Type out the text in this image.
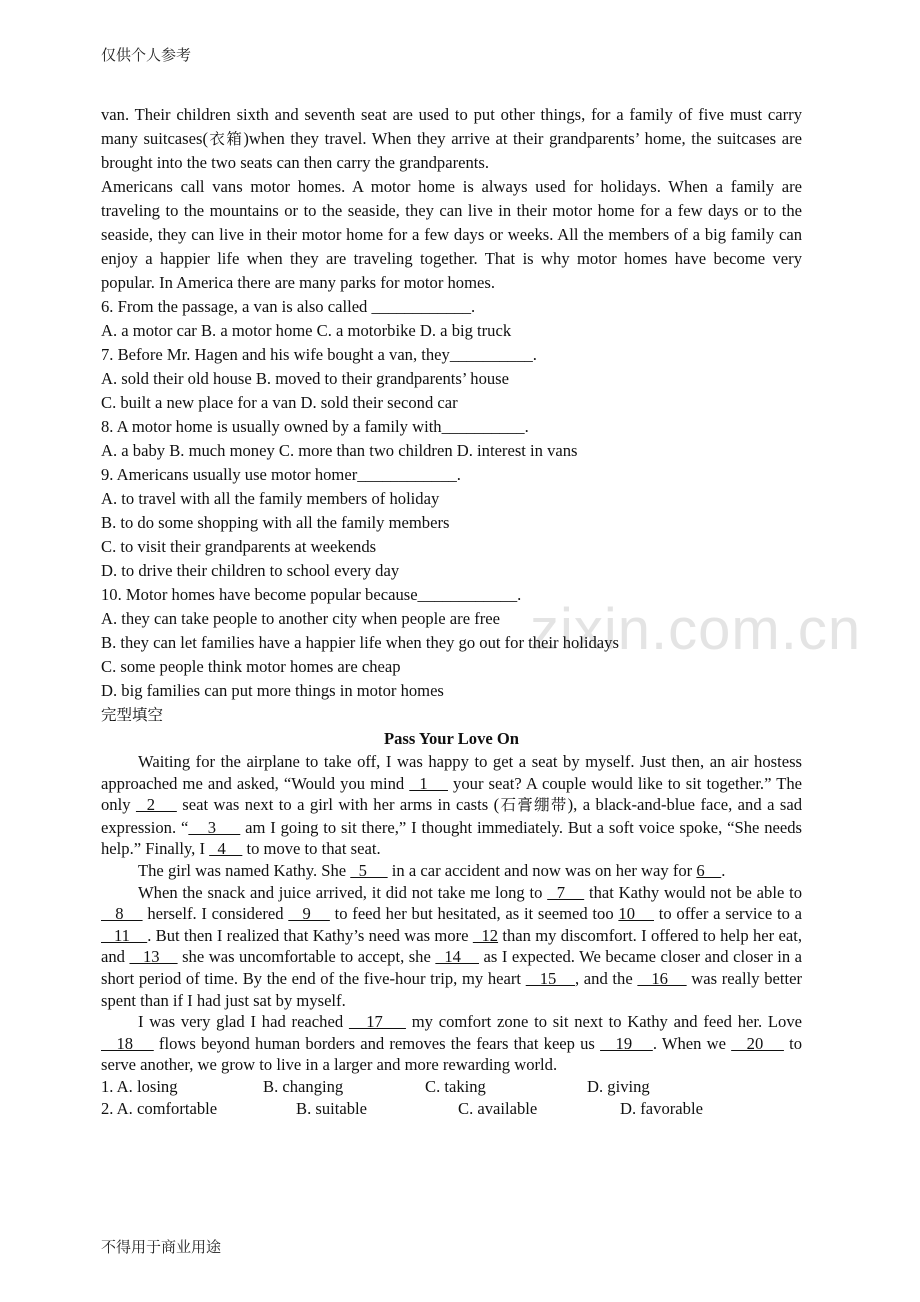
仅供个人参考
zixin.com.cn

van. Their children sixth and seventh seat are used to put other things, for a family of five must carry many suitcases(衣箱)when they travel. When they arrive at their grandparents’ home, the suitcases are brought into the two seats can then carry the grandparents.

Americans call vans motor homes. A motor home is always used for holidays. When a family are traveling to the mountains or to the seaside, they can live in their motor home for a few days or to the seaside, they can live in their motor home for a few days or weeks. All the members of a big family can enjoy a happier life when they are traveling together. That is why motor homes have become very popular. In America there are many parks for motor homes.

6. From the passage, a van is also called ____________.

A. a motor car B. a motor home C. a motorbike D. a big truck

7. Before Mr. Hagen and his wife bought a van, they__________.

A. sold their old house B. moved to their grandparents’ house

C. built a new place for a van D. sold their second car

8. A motor home is usually owned by a family with__________.

A. a baby B. much money C. more than two children D. interest in vans

9. Americans usually use motor homer____________.

A. to travel with all the family members of holiday

B. to do some shopping with all the family members

C. to visit their grandparents at weekends

D. to drive their children to school every day

10. Motor homes have become popular because____________.

A. they can take people to another city when people are free

B. they can let families have a happier life when they go out for their holidays

C. some people think motor homes are cheap

D. big families can put more things in motor homes

完型填空

Pass Your Love On

Waiting for the airplane to take off, I was happy to get a seat by myself. Just then, an air hostess approached me and asked, “Would you mind   1     your seat? A couple would like to sit together.” The only   2     seat was next to a girl with her arms in casts (石膏绷带), a black-and-blue face, and a sad expression. “    3      am I going to sit there,” I thought immediately. But a soft voice spoke, “She needs help.” Finally, I   4     to move to that seat.

The girl was named Kathy. She   5      in a car accident and now was on her way for 6    .

When the snack and juice arrived, it did not take me long to   7     that Kathy would not be able to    8     herself. I considered    9     to feed her but hesitated, as it seemed too 10     to offer a service to a    11    . But then I realized that Kathy’s need was more   12 than my discomfort. I offered to help her eat, and    13     she was uncomfortable to accept, she   14     as I expected. We became closer and closer in a short period of time. By the end of the five-hour trip, my heart    15    , and the    16     was really better spent than if I had just sat by myself.

I was very glad I had reached    17     my comfort zone to sit next to Kathy and feed her. Love    18     flows beyond human borders and removes the fears that keep us    19    . When we    20     to serve another, we grow to live in a larger and more rewarding world.

1. A. losing	B. changing	C. taking	D. giving
2. A. comfortable	B. suitable	C. available	D. favorable
不得用于商业用途
